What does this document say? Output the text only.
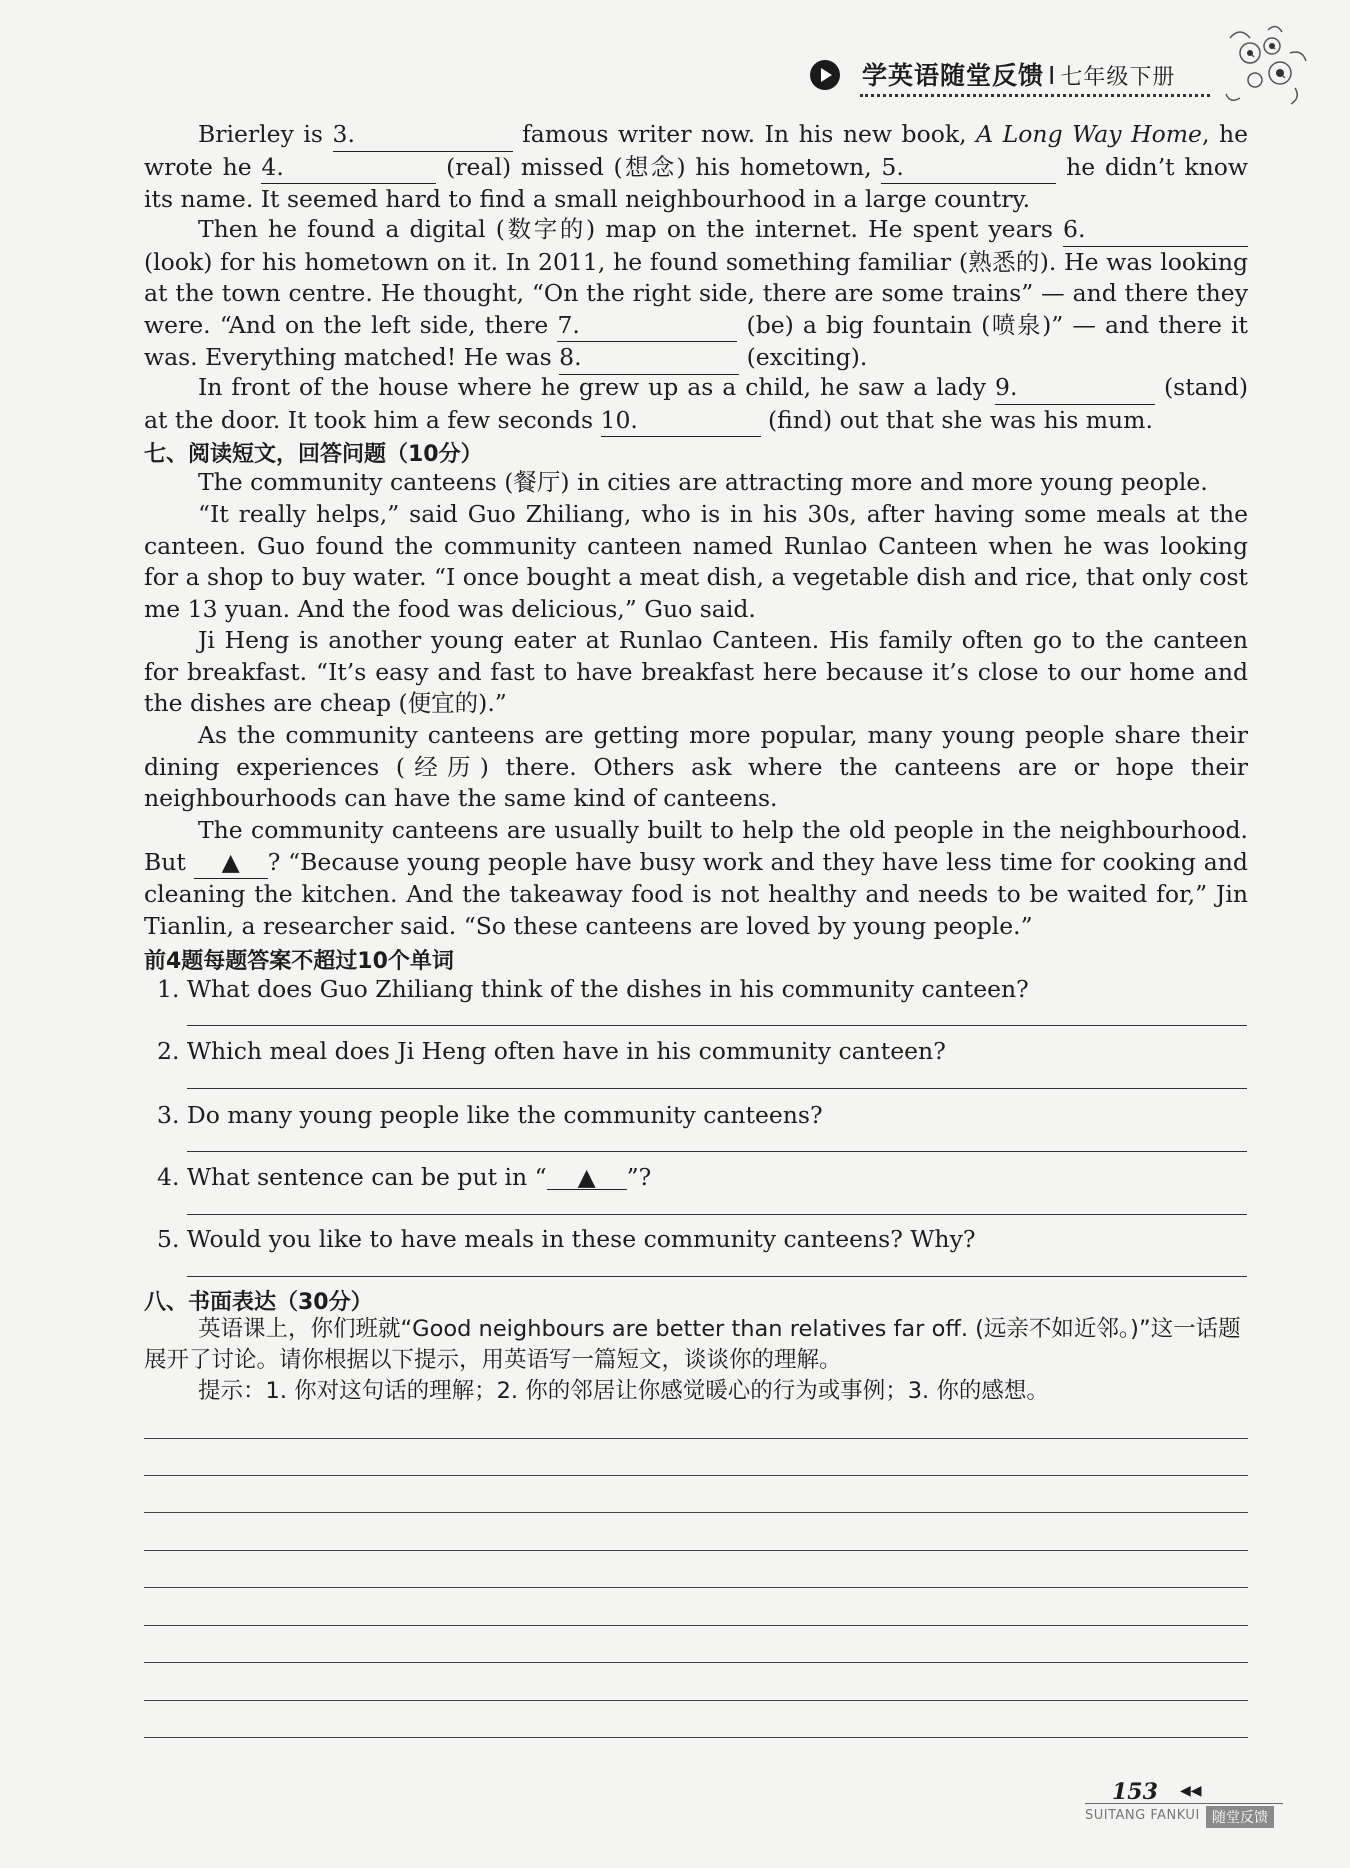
学英语随堂反馈 I 七年级下册
Brierley is 3.	famous writer now. In his new book, A Long Way Home, he wrote he 4.	(real) missed (想念) his hometown, 5.	he didn’t know its name. It seemed hard to find a small neighbourhood in a large country.
Then he found a digital (数字的) map on the internet. He spent years 6. (look) for his hometown on it. In 2011, he found something familiar (熟悉的). He was looking at the town centre. He thought, “On the right side, there are some trains” — and there they were. “And on the left side, there 7.	(be) a big fountain (喷泉)” — and there it was. Everything matched! He was 8.	(exciting).
In front of the house where he grew up as a child, he saw a lady 9.	(stand) at the door. It took him a few seconds 10.	(find) out that she was his mum.
七、阅读短文，回答问题（10分）
The community canteens (餐厅) in cities are attracting more and more young people.
“It really helps,” said Guo Zhiliang, who is in his 30s, after having some meals at the canteen. Guo found the community canteen named Runlao Canteen when he was looking for a shop to buy water. “I once bought a meat dish, a vegetable dish and rice, that only cost me 13 yuan. And the food was delicious,” Guo said.
Ji Heng is another young eater at Runlao Canteen. His family often go to the canteen for breakfast. “It’s easy and fast to have breakfast here because it’s close to our home and the dishes are cheap (便宜的).”
As the community canteens are getting more popular, many young people share their dining experiences (经历) there. Others ask where the canteens are or hope their neighbourhoods can have the same kind of canteens.
The community canteens are usually built to help the old people in the neighbourhood. But ▲ ? “Because young people have busy work and they have less time for cooking and cleaning the kitchen. And the takeaway food is not healthy and needs to be waited for,” Jin Tianlin, a researcher said. “So these canteens are loved by young people.”
前4题每题答案不超过10个单词
1. What does Guo Zhiliang think of the dishes in his community canteen?
2. Which meal does Ji Heng often have in his community canteen?
3. Do many young people like the community canteens?
4. What sentence can be put in “ ▲ ”?
5. Would you like to have meals in these community canteens? Why?
八、书面表达（30分）
英语课上，你们班就“Good neighbours are better than relatives far off. (远亲不如近邻。)”这一话题展开了讨论。请你根据以下提示，用英语写一篇短文，谈谈你的理解。
提示：1. 你对这句话的理解；2. 你的邻居让你感觉暖心的行为或事例；3. 你的感想。
153 ◀◀
SUITANG FANKUI 随堂反馈
